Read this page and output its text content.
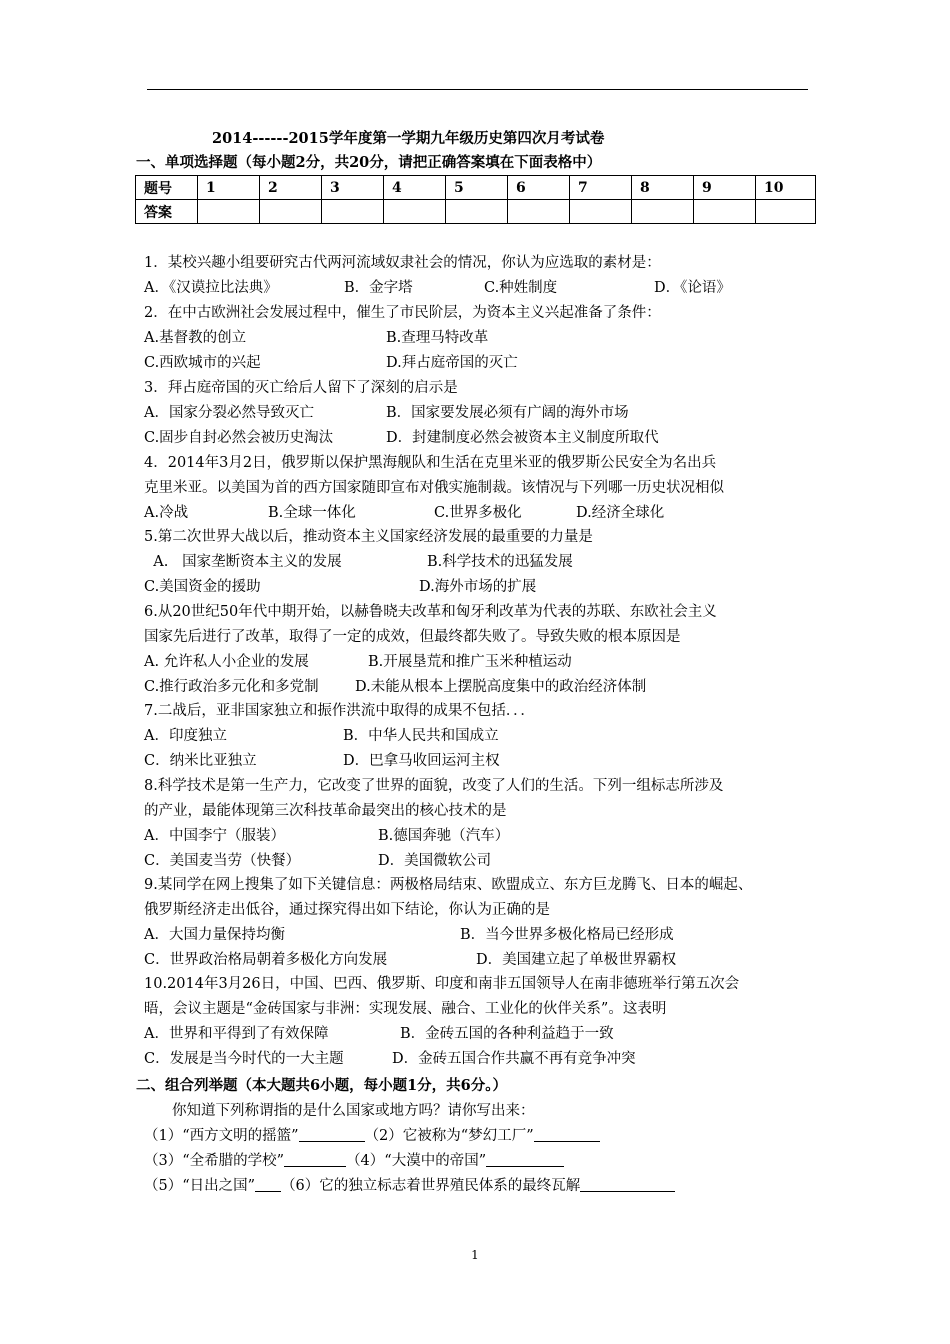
2014------2015学年度第一学期九年级历史第四次月考试卷
一、单项选择题（每小题2分，共20分，请把正确答案填在下面表格中）
题号	1	2	3	4	5	6	7	8	9	10
答案										
1．某校兴趣小组要研究古代两河流域奴隶社会的情况，你认为应选取的素材是：
A．《汉谟拉比法典》	B．金字塔	C.种姓制度	D．《论语》
2．在中古欧洲社会发展过程中，催生了市民阶层，为资本主义兴起准备了条件：
A.基督教的创立	B.查理马特改革
C.西欧城市的兴起	D.拜占庭帝国的灭亡
3．拜占庭帝国的灭亡给后人留下了深刻的启示是
A．国家分裂必然导致灭亡	B．国家要发展必须有广阔的海外市场
C.固步自封必然会被历史淘汰	D．封建制度必然会被资本主义制度所取代
4．2014年3月2日，俄罗斯以保护黑海舰队和生活在克里米亚的俄罗斯公民安全为名出兵
克里米亚。以美国为首的西方国家随即宣布对俄实施制裁。该情况与下列哪一历史状况相似
A.冷战	B.全球一体化	C.世界多极化	D.经济全球化
5.第二次世界大战以后，推动资本主义国家经济发展的最重要的力量是
A.   国家垄断资本主义的发展	B.科学技术的迅猛发展
C.美国资金的援助	D.海外市场的扩展
6.从20世纪50年代中期开始，以赫鲁晓夫改革和匈牙利改革为代表的苏联、东欧社会主义
国家先后进行了改革，取得了一定的成效，但最终都失败了。导致失败的根本原因是
A. 允许私人小企业的发展	B.开展垦荒和推广玉米种植运动
C.推行政治多元化和多党制	D.未能从根本上摆脱高度集中的政治经济体制
7.二战后，亚非国家独立和振作洪流中取得的成果不包括．．．
A．印度独立	B．中华人民共和国成立
C．纳米比亚独立	D．巴拿马收回运河主权
8.科学技术是第一生产力，它改变了世界的面貌，改变了人们的生活。下列一组标志所涉及
的产业，最能体现第三次科技革命最突出的核心技术的是
A．中国李宁（服装）	B.德国奔驰（汽车）
C．美国麦当劳（快餐）	D．美国微软公司
9.某同学在网上搜集了如下关键信息：两极格局结束、欧盟成立、东方巨龙腾飞、日本的崛起、
俄罗斯经济走出低谷，通过探究得出如下结论，你认为正确的是
A．大国力量保持均衡	B．当今世界多极化格局已经形成
C．世界政治格局朝着多极化方向发展	D．美国建立起了单极世界霸权
10.2014年3月26日，中国、巴西、俄罗斯、印度和南非五国领导人在南非德班举行第五次会
晤，会议主题是“金砖国家与非洲：实现发展、融合、工业化的伙伴关系”。这表明
A．世界和平得到了有效保障	B．金砖五国的各种利益趋于一致
C．发展是当今时代的一大主题	D．金砖五国合作共赢不再有竞争冲突
二、组合列举题（本大题共6小题，每小题1分，共6分。）
你知道下列称谓指的是什么国家或地方吗？请你写出来：
（1）“西方文明的摇篮”	（2）它被称为“梦幻工厂”
（3）“全希腊的学校”	（4）“大漠中的帝国”
（5）“日出之国” （6）它的独立标志着世界殖民体系的最终瓦解
1
